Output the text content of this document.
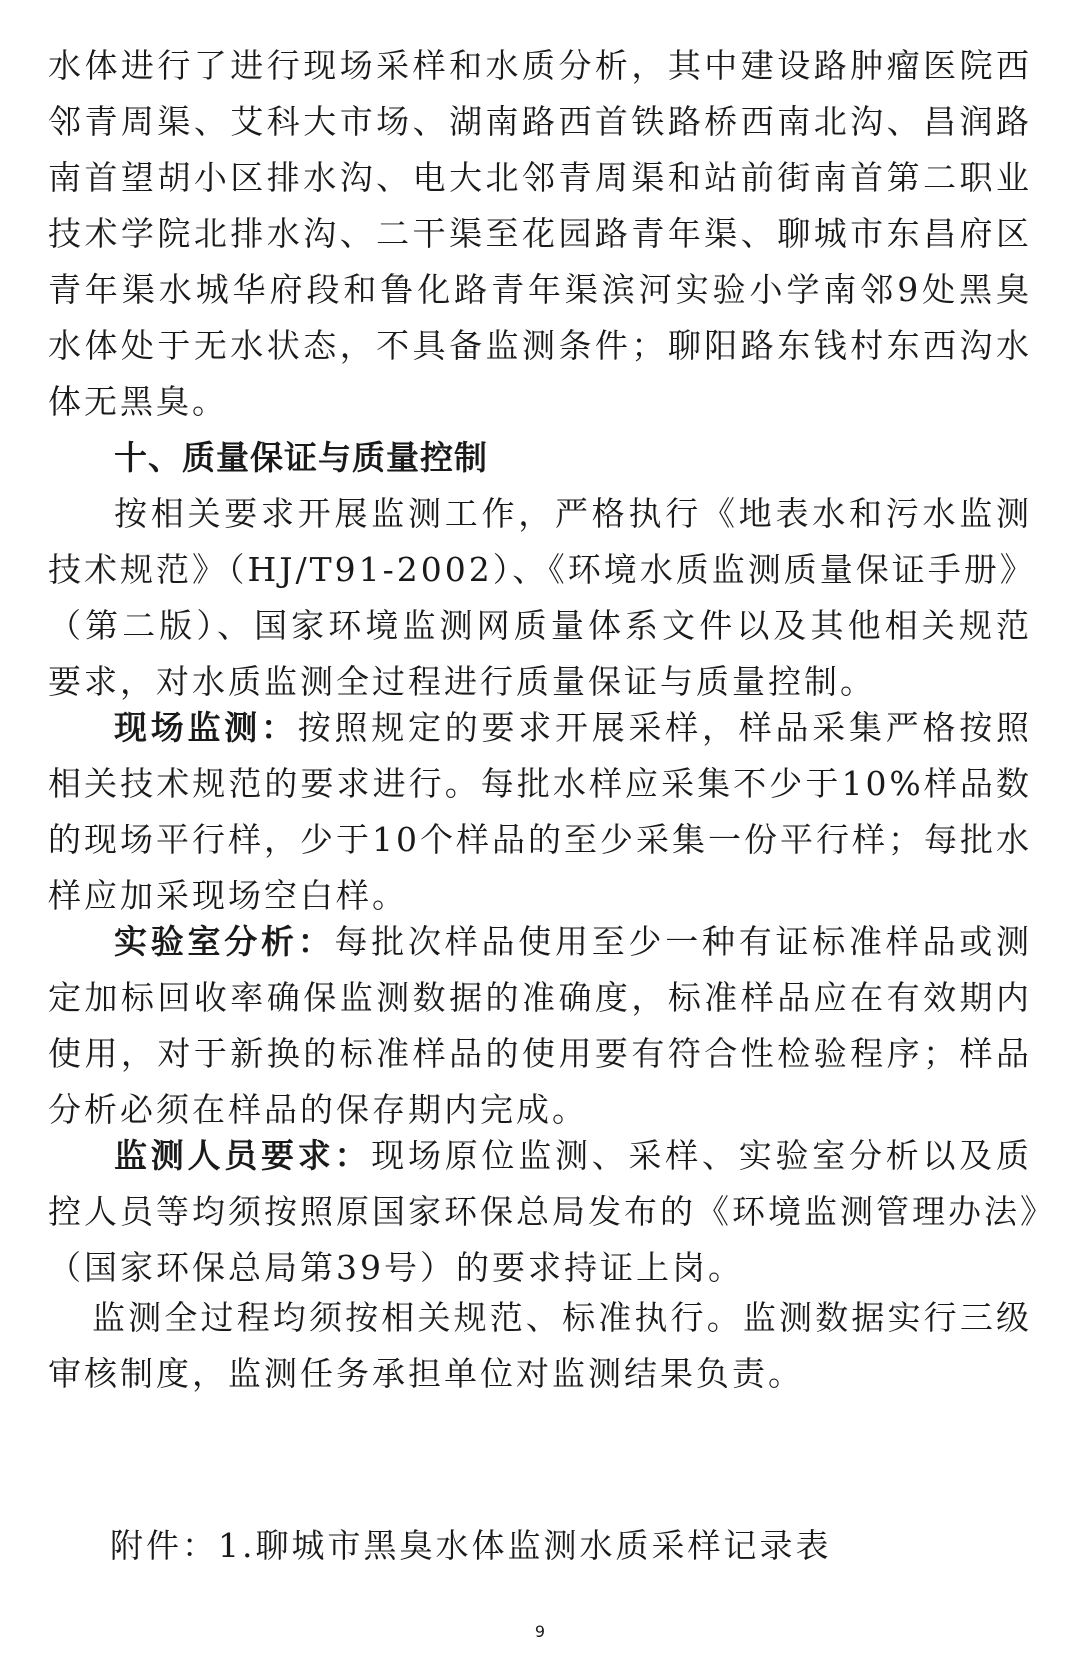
水体进行了进行现场采样和水质分析，其中建设路肿瘤医院西
邻青周渠、艾科大市场、湖南路西首铁路桥西南北沟、昌润路
南首望胡小区排水沟、电大北邻青周渠和站前街南首第二职业
技术学院北排水沟、二干渠至花园路青年渠、聊城市东昌府区
青年渠水城华府段和鲁化路青年渠滨河实验小学南邻9处黑臭
水体处于无水状态，不具备监测条件；聊阳路东钱村东西沟水
体无黑臭。
十、质量保证与质量控制
按相关要求开展监测工作，严格执行《地表水和污水监测
技术规范》（HJ/T91-2002）、《环境水质监测质量保证手册》
（第二版）、国家环境监测网质量体系文件以及其他相关规范
要求，对水质监测全过程进行质量保证与质量控制。
现场监测：按照规定的要求开展采样，样品采集严格按照
相关技术规范的要求进行。每批水样应采集不少于10%样品数
的现场平行样，少于10个样品的至少采集一份平行样；每批水
样应加采现场空白样。
实验室分析：每批次样品使用至少一种有证标准样品或测
定加标回收率确保监测数据的准确度，标准样品应在有效期内
使用，对于新换的标准样品的使用要有符合性检验程序；样品
分析必须在样品的保存期内完成。
监测人员要求：现场原位监测、采样、实验室分析以及质
控人员等均须按照原国家环保总局发布的《环境监测管理办法》
（国家环保总局第39号）的要求持证上岗。
监测全过程均须按相关规范、标准执行。监测数据实行三级
审核制度，监测任务承担单位对监测结果负责。
附件：1.聊城市黑臭水体监测水质采样记录表
9
